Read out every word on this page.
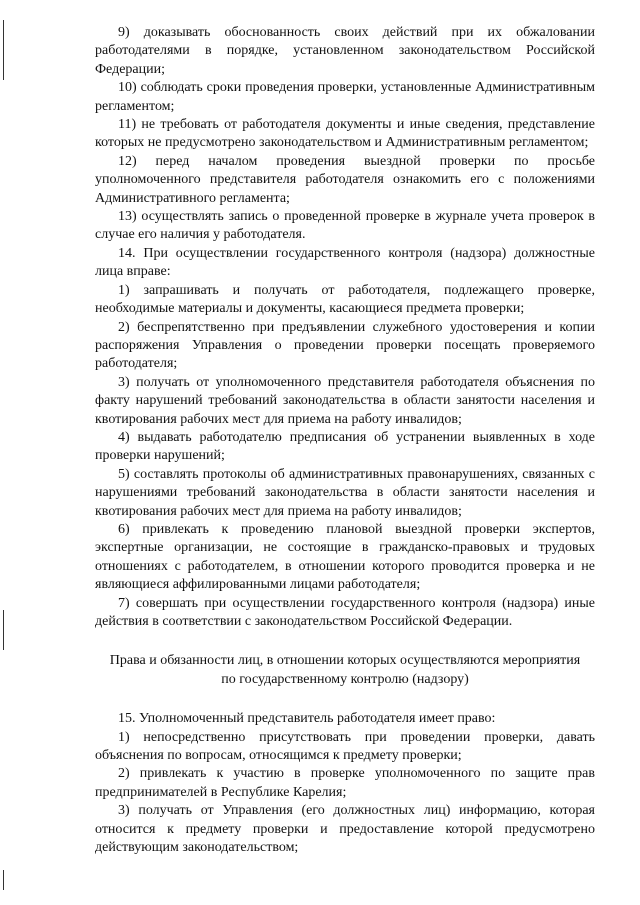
9) доказывать обоснованность своих действий при их обжаловании работодателями в порядке, установленном законодательством Российской Федерации;

10) соблюдать сроки проведения проверки, установленные Административным регламентом;

11) не требовать от работодателя документы и иные сведения, представление которых не предусмотрено законодательством и Административным регламентом;

12) перед началом проведения выездной проверки по просьбе уполномоченного представителя работодателя ознакомить его с положениями Административного регламента;

13) осуществлять запись о проведенной проверке в журнале учета проверок в случае его наличия у работодателя.

14. При осуществлении государственного контроля (надзора) должностные лица вправе:

1) запрашивать и получать от работодателя, подлежащего проверке, необходимые материалы и документы, касающиеся предмета проверки;

2) беспрепятственно при предъявлении служебного удостоверения и копии распоряжения Управления о проведении проверки посещать проверяемого работодателя;

3) получать от уполномоченного представителя работодателя объяснения по факту нарушений требований законодательства в области занятости населения и квотирования рабочих мест для приема на работу инвалидов;

4) выдавать работодателю предписания об устранении выявленных в ходе проверки нарушений;

5) составлять протоколы об административных правонарушениях, связанных с нарушениями требований законодательства в области занятости населения и квотирования рабочих мест для приема на работу инвалидов;

6) привлекать к проведению плановой выездной проверки экспертов, экспертные организации, не состоящие в гражданско-правовых и трудовых отношениях с работодателем, в отношении которого проводится проверка и не являющиеся аффилированными лицами работодателя;

7) совершать при осуществлении государственного контроля (надзора) иные действия в соответствии с законодательством Российской Федерации.

Права и обязанности лиц, в отношении которых осуществляются мероприятия по государственному контролю (надзору)

15. Уполномоченный представитель работодателя имеет право:

1) непосредственно присутствовать при проведении проверки, давать объяснения по вопросам, относящимся к предмету проверки;

2) привлекать к участию в проверке уполномоченного по защите прав предпринимателей в Республике Карелия;

3) получать от Управления (его должностных лиц) информацию, которая относится к предмету проверки и предоставление которой предусмотрено действующим законодательством;
